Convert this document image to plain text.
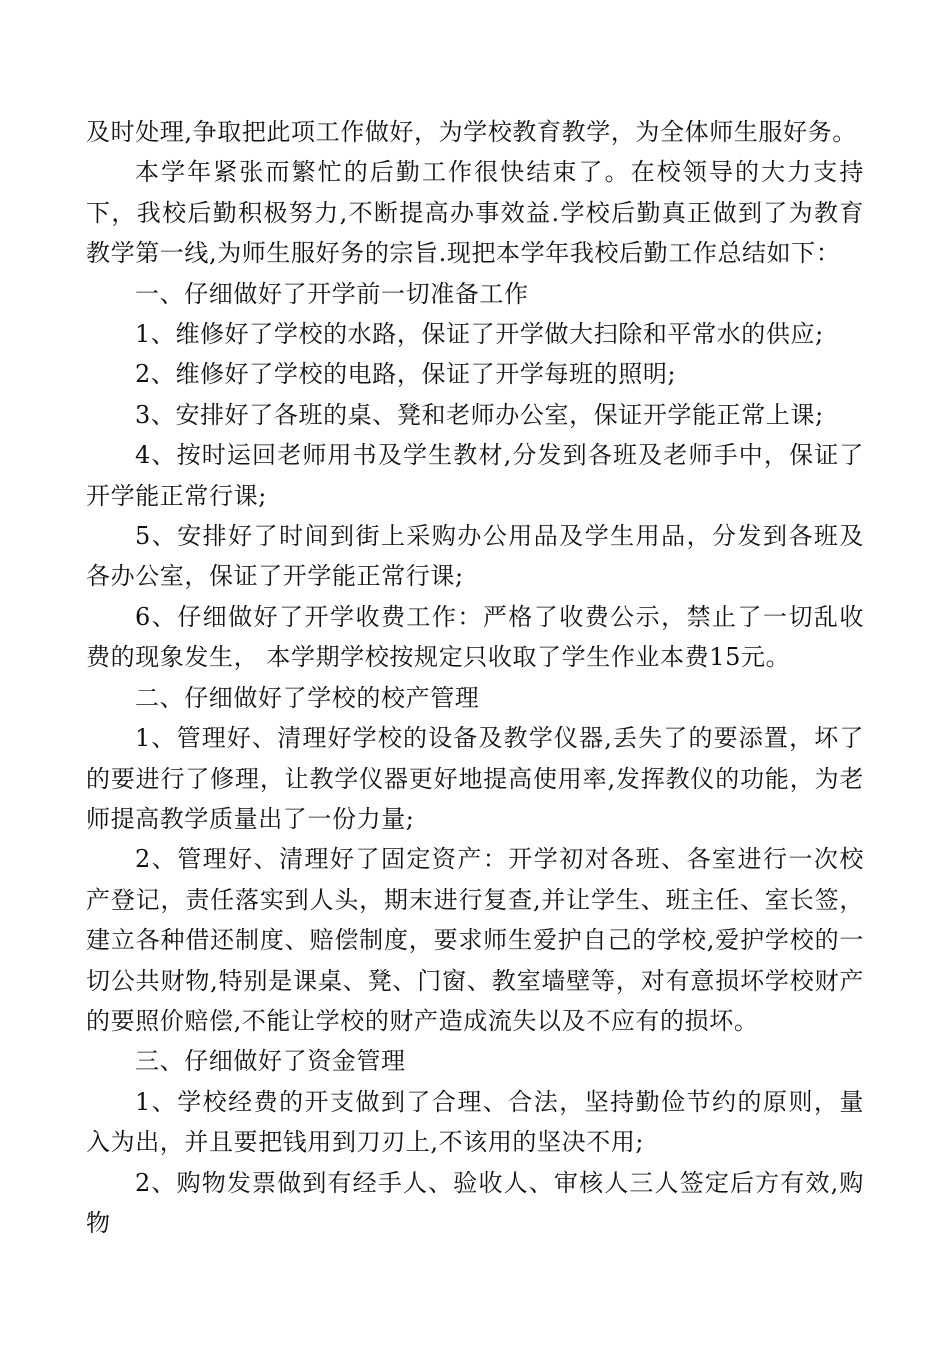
及时处理,争取把此项工作做好，为学校教育教学，为全体师生服好务。

本学年紧张而繁忙的后勤工作很快结束了。在校领导的大力支持下，我校后勤积极努力,不断提高办事效益.学校后勤真正做到了为教育教学第一线,为师生服好务的宗旨.现把本学年我校后勤工作总结如下：

一、仔细做好了开学前一切准备工作

1、维修好了学校的水路，保证了开学做大扫除和平常水的供应;

2、维修好了学校的电路，保证了开学每班的照明;

3、安排好了各班的桌、凳和老师办公室，保证开学能正常上课;

4、按时运回老师用书及学生教材,分发到各班及老师手中，保证了开学能正常行课;

5、安排好了时间到街上采购办公用品及学生用品，分发到各班及各办公室，保证了开学能正常行课;

6、仔细做好了开学收费工作：严格了收费公示，禁止了一切乱收费的现象发生， 本学期学校按规定只收取了学生作业本费15元。

二、仔细做好了学校的校产管理

1、管理好、清理好学校的设备及教学仪器,丢失了的要添置，坏了的要进行了修理，让教学仪器更好地提高使用率,发挥教仪的功能，为老师提高教学质量出了一份力量;

2、管理好、清理好了固定资产：开学初对各班、各室进行一次校产登记，责任落实到人头，期末进行复查,并让学生、班主任、室长签，建立各种借还制度、赔偿制度，要求师生爱护自己的学校,爱护学校的一切公共财物,特别是课桌、凳、门窗、教室墙壁等，对有意损坏学校财产的要照价赔偿,不能让学校的财产造成流失以及不应有的损坏。

三、仔细做好了资金管理

1、学校经费的开支做到了合理、合法，坚持勤俭节约的原则，量入为出，并且要把钱用到刀刃上,不该用的坚决不用;

2、购物发票做到有经手人、验收人、审核人三人签定后方有效,购物
